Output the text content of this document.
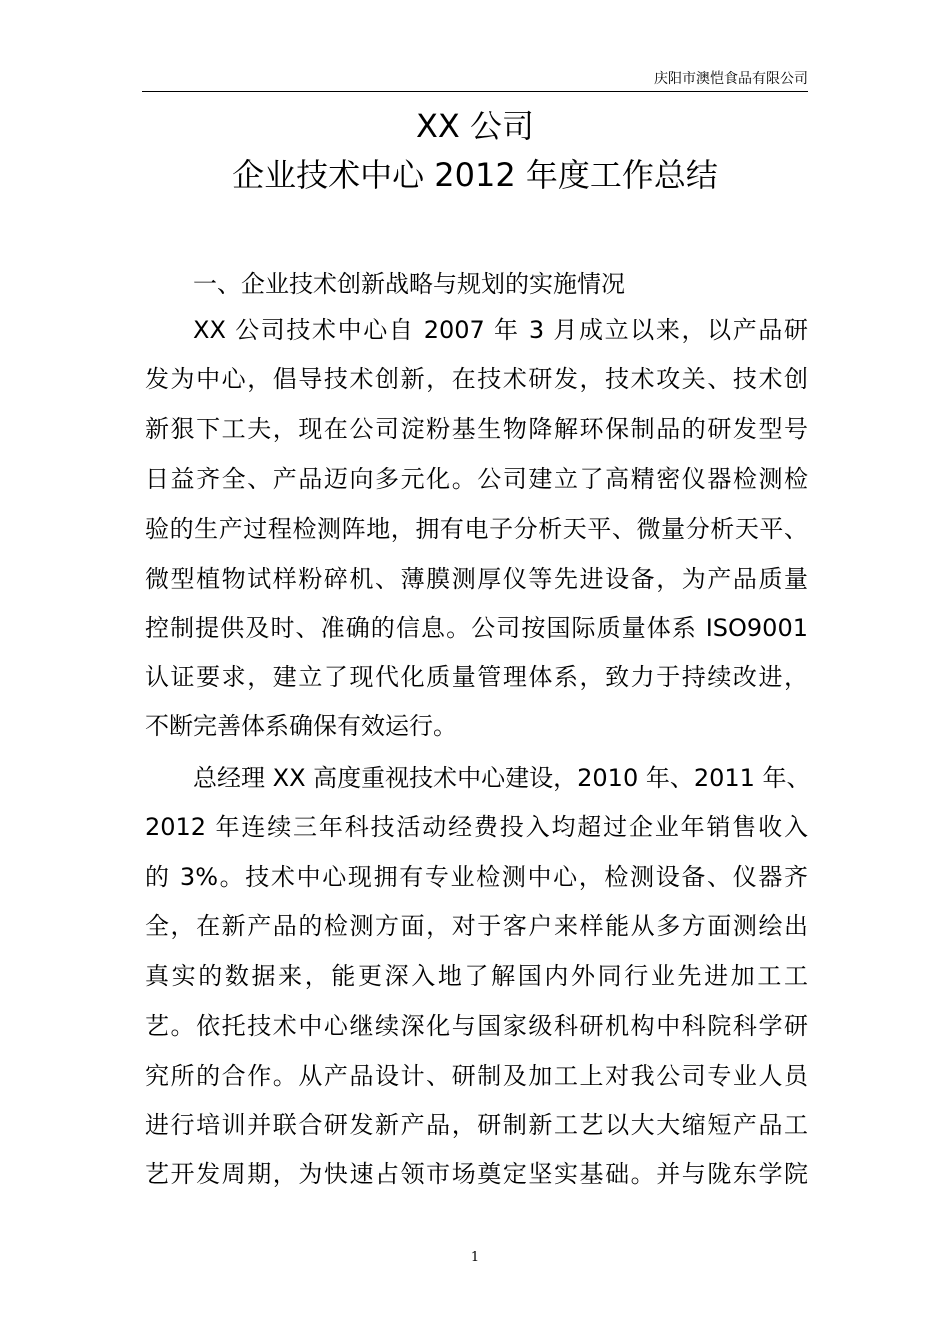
庆阳市澳恺食品有限公司
XX 公司
企业技术中心 2012 年度工作总结
一、企业技术创新战略与规划的实施情况
XX 公司技术中心自 2007 年 3 月成立以来，以产品研
发为中心，倡导技术创新，在技术研发，技术攻关、技术创
新狠下工夫，现在公司淀粉基生物降解环保制品的研发型号
日益齐全、产品迈向多元化。公司建立了高精密仪器检测检
验的生产过程检测阵地，拥有电子分析天平、微量分析天平、
微型植物试样粉碎机、薄膜测厚仪等先进设备，为产品质量
控制提供及时、准确的信息。公司按国际质量体系 ISO9001
认证要求，建立了现代化质量管理体系，致力于持续改进，
不断完善体系确保有效运行。
总经理 XX 高度重视技术中心建设，2010 年、2011 年、
2012 年连续三年科技活动经费投入均超过企业年销售收入
的 3%。技术中心现拥有专业检测中心，检测设备、仪器齐
全，在新产品的检测方面，对于客户来样能从多方面测绘出
真实的数据来，能更深入地了解国内外同行业先进加工工
艺。依托技术中心继续深化与国家级科研机构中科院科学研
究所的合作。从产品设计、研制及加工上对我公司专业人员
进行培训并联合研发新产品，研制新工艺以大大缩短产品工
艺开发周期，为快速占领市场奠定坚实基础。并与陇东学院
1
